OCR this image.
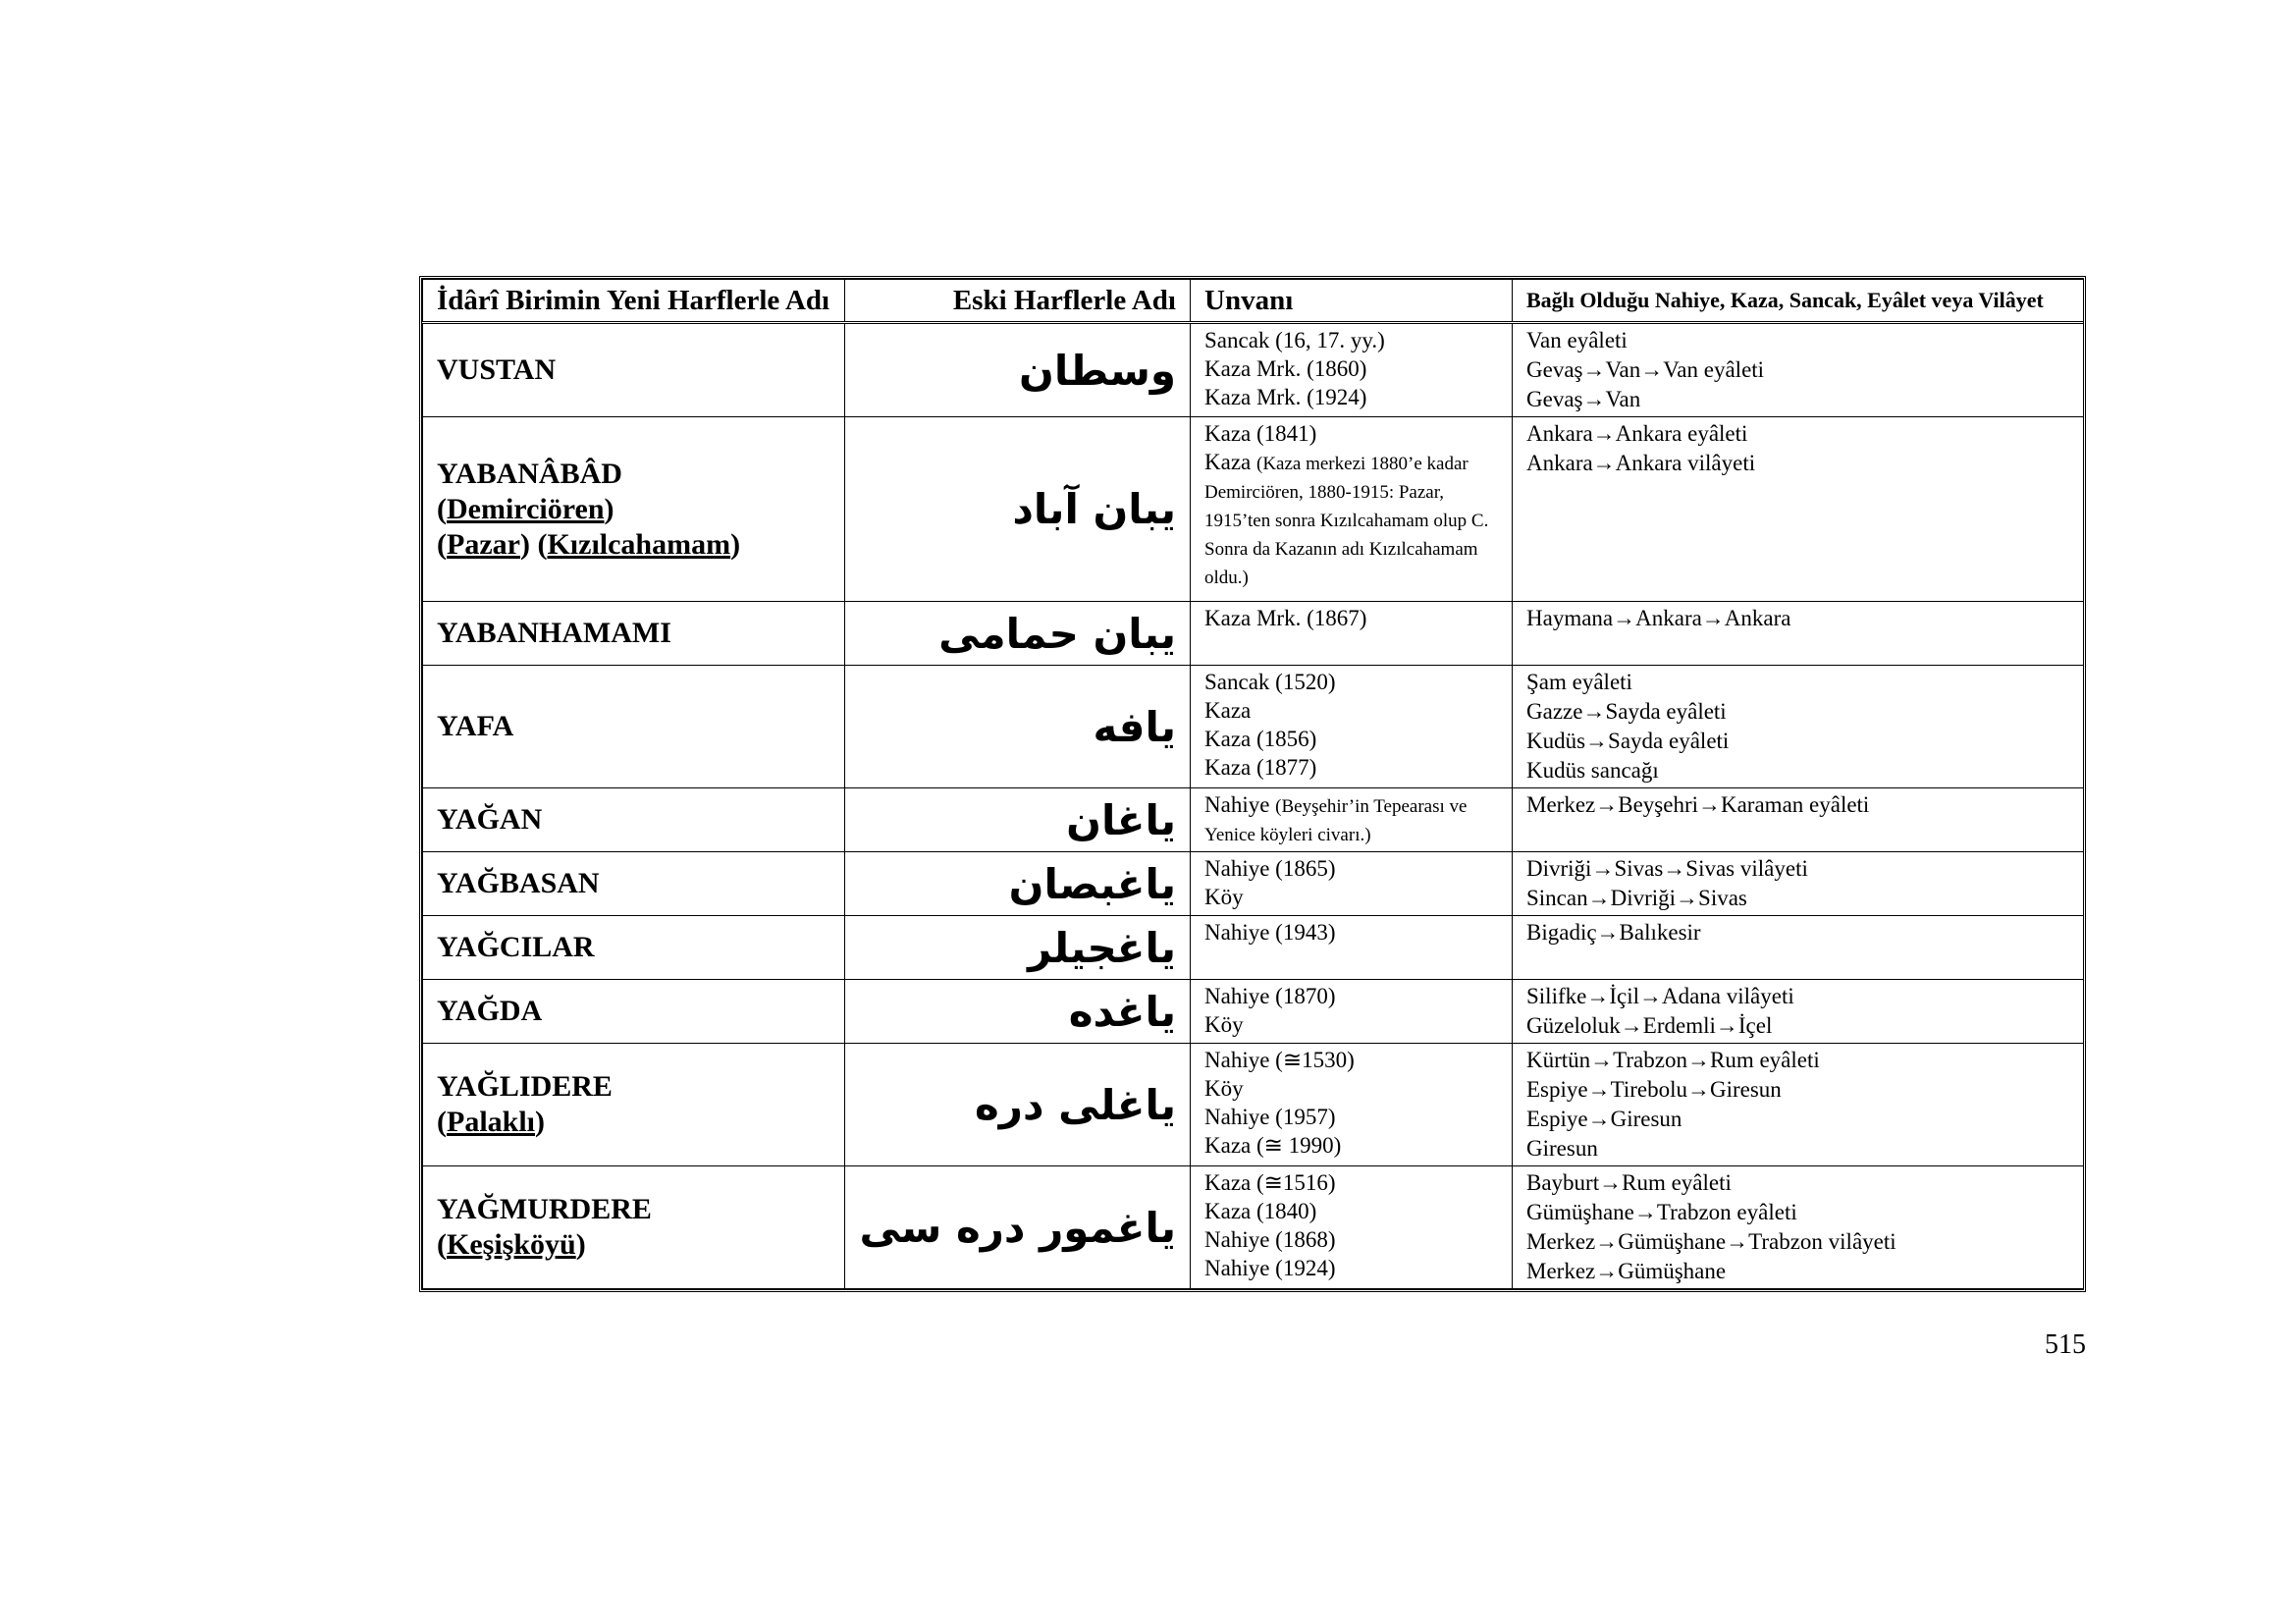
İdârî Birimin Yeni Harflerle Adı	Eski Harflerle Adı	Unvanı	Bağlı Olduğu Nahiye, Kaza, Sancak, Eyâlet veya Vilâyet
VUSTAN	وسطان	Sancak (16, 17. yy.)
Kaza Mrk. (1860)
Kaza Mrk. (1924)	Van eyâleti
Gevaş→Van→Van eyâleti
Gevaş→Van

YABANÂBÂD
(Demirciören)
(Pazar) (Kızılcahamam)	يبان آباد	Kaza (1841)
Kaza (Kaza merkezi 1880’e kadar Demirciören, 1880-1915: Pazar, 1915’ten sonra Kızılcahamam olup C. Sonra da Kazanın adı Kızılcahamam oldu.)	Ankara→Ankara eyâleti
Ankara→Ankara vilâyeti

YABANHAMAMI	يبان حمامى	Kaza Mrk. (1867)	Haymana→Ankara→Ankara

YAFA	يافه	Sancak (1520)
Kaza
Kaza (1856)
Kaza (1877)	Şam eyâleti
Gazze→Sayda eyâleti
Kudüs→Sayda eyâleti
Kudüs sancağı

YAĞAN	ياغان	Nahiye (Beyşehir’in Tepearası ve Yenice köyleri civarı.)	Merkez→Beyşehri→Karaman eyâleti

YAĞBASAN	ياغبصان	Nahiye (1865)
Köy	Divriği→Sivas→Sivas vilâyeti
Sincan→Divriği→Sivas

YAĞCILAR	ياغجيلر	Nahiye (1943)	Bigadiç→Balıkesir

YAĞDA	ياغده	Nahiye (1870)
Köy	Silifke→İçil→Adana vilâyeti
Güzeloluk→Erdemli→İçel

YAĞLIDERE
(Palaklı)	ياغلى دره	Nahiye (≅1530)
Köy
Nahiye (1957)
Kaza (≅ 1990)	Kürtün→Trabzon→Rum eyâleti
Espiye→Tirebolu→Giresun
Espiye→Giresun
Giresun

YAĞMURDERE
(Keşişköyü)	ياغمور دره سى	Kaza (≅1516)
Kaza (1840)
Nahiye (1868)
Nahiye (1924)	Bayburt→Rum eyâleti
Gümüşhane→Trabzon eyâleti
Merkez→Gümüşhane→Trabzon vilâyeti
Merkez→Gümüşhane
515
